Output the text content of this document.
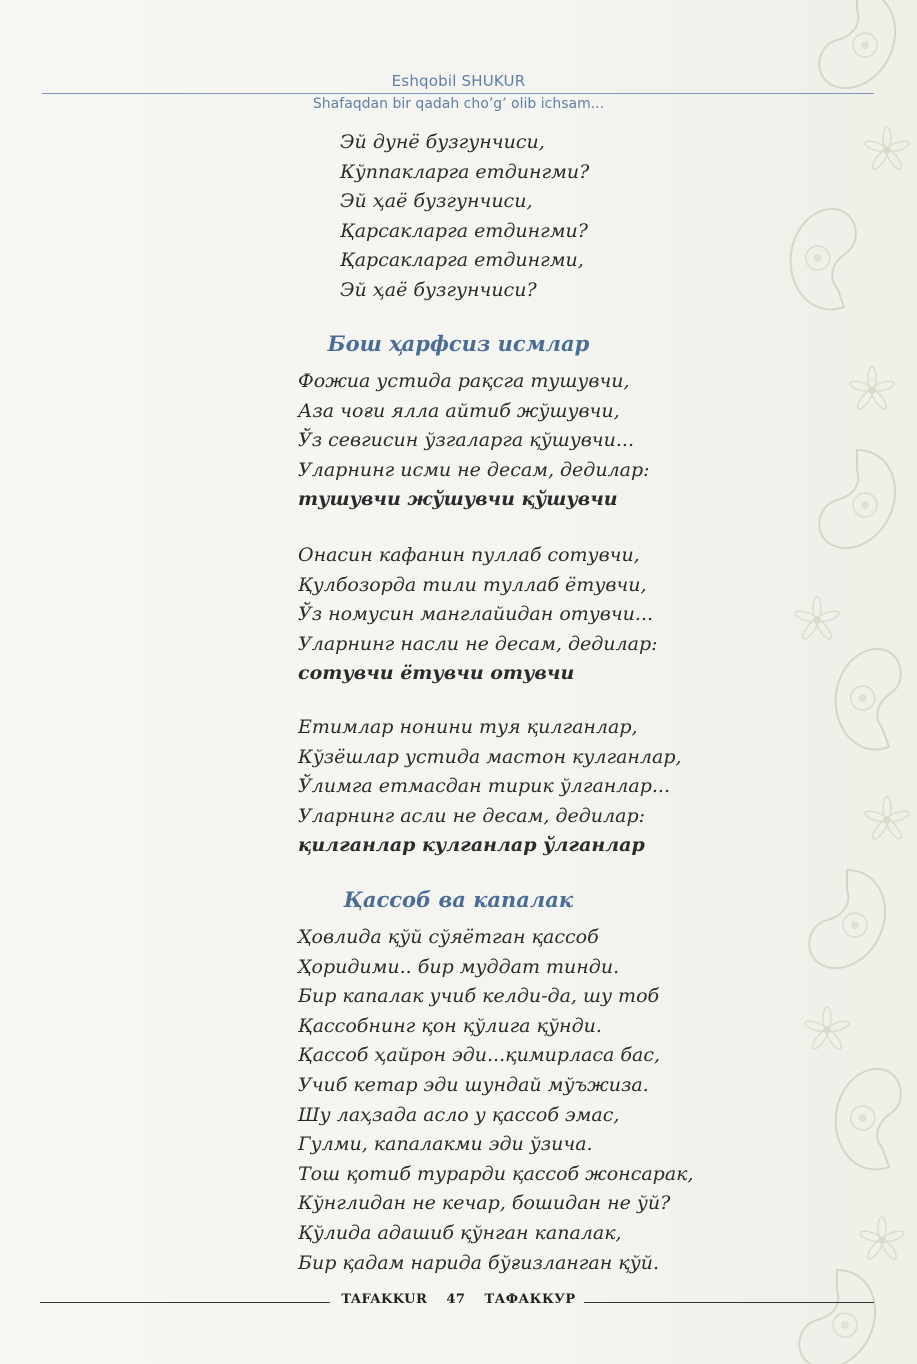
Eshqobil SHUKUR
Shafaqdan bir qadah cho’g’ olib ichsam...
Эй дунё бузгунчиси,
Кўппакларга етдингми?
Эй ҳаё бузгунчиси,
Қарсакларга етдингми?
Қарсакларга етдингми,
Эй ҳаё бузгунчиси?
Бош ҳарфсиз исмлар
Фожиа устида рақсга тушувчи,
Аза чоғи ялла айтиб жўшувчи,
Ўз севгисин ўзгаларга қўшувчи...
Уларнинг исми не десам, дедилар:
тушувчи жўшувчи қўшувчи
Онасин кафанин пуллаб сотувчи,
Қулбозорда тили туллаб ётувчи,
Ўз номусин манглайидан отувчи...
Уларнинг насли не десам, дедилар:
сотувчи ётувчи отувчи
Етимлар нонини туя қилганлар,
Кўзёшлар устида мастон кулганлар,
Ўлимга етмасдан тирик ўлганлар...
Уларнинг асли не десам, дедилар:
қилганлар кулганлар ўлганлар
Қассоб ва капалак
Ҳовлида қўй сўяётган қассоб
Ҳоридими.. бир муддат тинди.
Бир капалак учиб келди-да, шу тоб
Қассобнинг қон қўлига қўнди.
Қассоб ҳайрон эди...қимирласа бас,
Учиб кетар эди шундай мўъжиза.
Шу лаҳзада асло у қассоб эмас,
Гулми, капалакми эди ўзича.
Тош қотиб турарди қассоб жонсарак,
Кўнглидан не кечар, бошидан не ўй?
Қўлида адашиб қўнган капалак,
Бир қадам нарида бўғизланган қўй.
TAFAKKUR 47 ТАФАККУР
